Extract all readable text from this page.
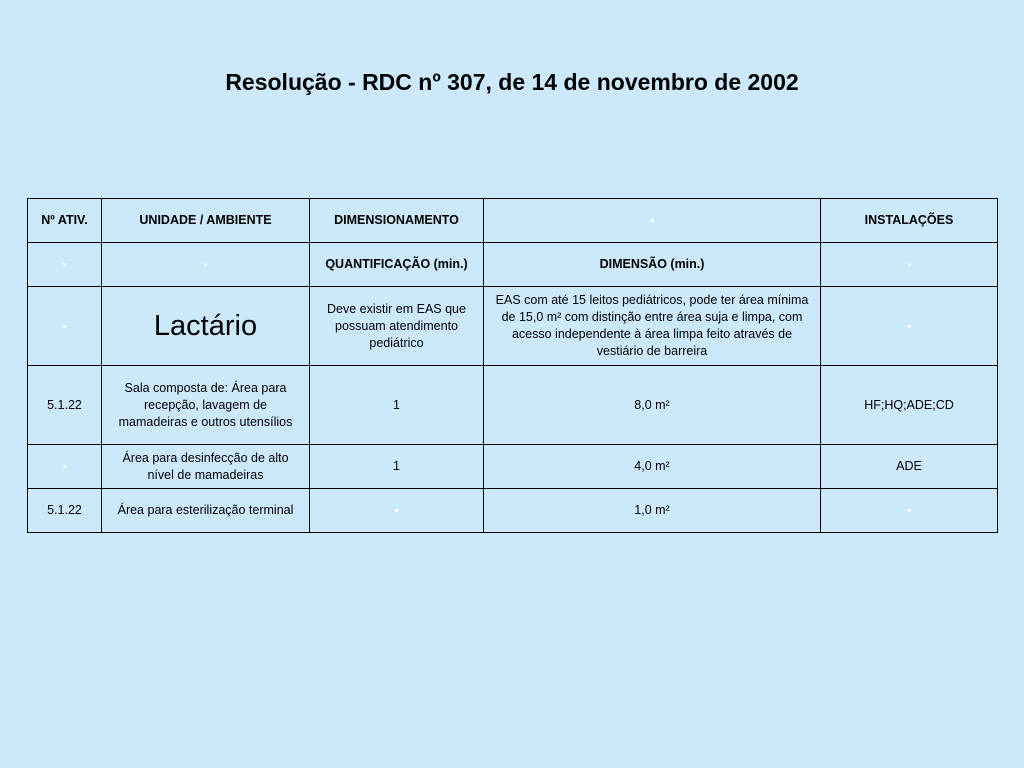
Resolução - RDC nº 307, de 14 de novembro de 2002
Nº ATIV.	UNIDADE / AMBIENTE	DIMENSIONAMENTO		INSTALAÇÕES
		QUANTIFICAÇÃO (min.)	DIMENSÃO (min.)	
	Lactário	Deve existir em EAS que possuam atendimento pediátrico	EAS com até 15 leitos pediátricos, pode ter área mínima de 15,0 m² com distinção entre área suja e limpa, com acesso independente à área limpa feito através de vestiário de barreira	
5.1.22	Sala composta de: Área para recepção, lavagem de mamadeiras e outros utensílios	1	8,0 m²	HF;HQ;ADE;CD
	Área para desinfecção de alto nível de mamadeiras	1	4,0 m²	ADE
5.1.22	Área para esterilização terminal		1,0 m²	
